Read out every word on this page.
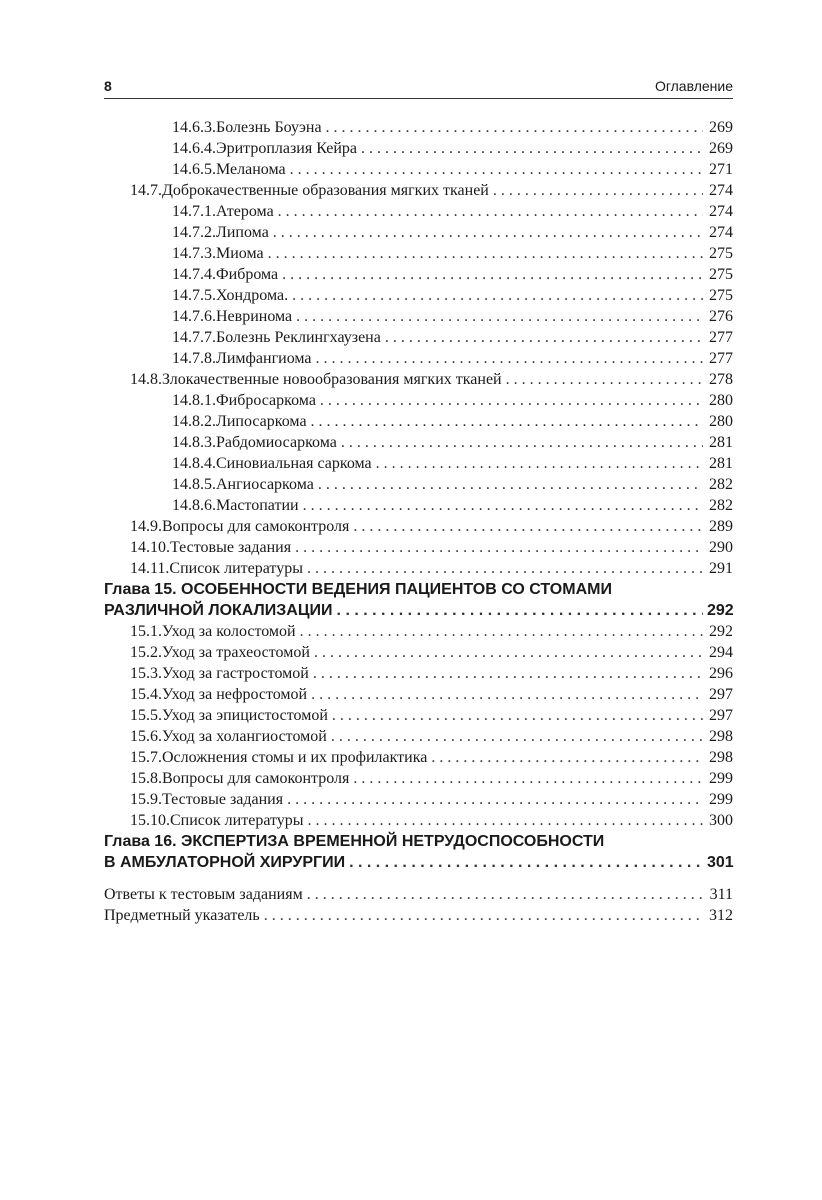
8	Оглавление
14.6.3. Болезнь Боуэна . . .	269
14.6.4. Эритроплазия Кейра . . .	269
14.6.5. Меланома . . .	271
14.7. Доброкачественные образования мягких тканей . . .	274
14.7.1. Атерома . . .	274
14.7.2. Липома . . .	274
14.7.3. Миома . . .	275
14.7.4. Фиброма . . .	275
14.7.5. Хондрома. . . .	275
14.7.6. Невринома . . .	276
14.7.7. Болезнь Реклингхаузена . . .	277
14.7.8. Лимфангиома . . .	277
14.8. Злокачественные новообразования мягких тканей . . .	278
14.8.1. Фибросаркома . . .	280
14.8.2. Липосаркома . . .	280
14.8.3. Рабдомиосаркома . . .	281
14.8.4. Синовиальная саркома . . .	281
14.8.5. Ангиосаркома . . .	282
14.8.6. Мастопатии . . .	282
14.9. Вопросы для самоконтроля . . .	289
14.10. Тестовые задания . . .	290
14.11. Список литературы . . .	291
Глава 15. ОСОБЕННОСТИ ВЕДЕНИЯ ПАЦИЕНТОВ СО СТОМАМИ
РАЗЛИЧНОЙ ЛОКАЛИЗАЦИИ . . .	292
15.1. Уход за колостомой . . .	292
15.2. Уход за трахеостомой . . .	294
15.3. Уход за гастростомой . . .	296
15.4. Уход за нефростомой . . .	297
15.5. Уход за эпицистостомой . . .	297
15.6. Уход за холангиостомой . . .	298
15.7. Осложнения стомы и их профилактика . . .	298
15.8. Вопросы для самоконтроля . . .	299
15.9. Тестовые задания . . .	299
15.10. Список литературы . . .	300
Глава 16. ЭКСПЕРТИЗА ВРЕМЕННОЙ НЕТРУДОСПОСОБНОСТИ
В АМБУЛАТОРНОЙ ХИРУРГИИ . . .	301
Ответы к тестовым заданиям . . .	311
Предметный указатель . . .	312
